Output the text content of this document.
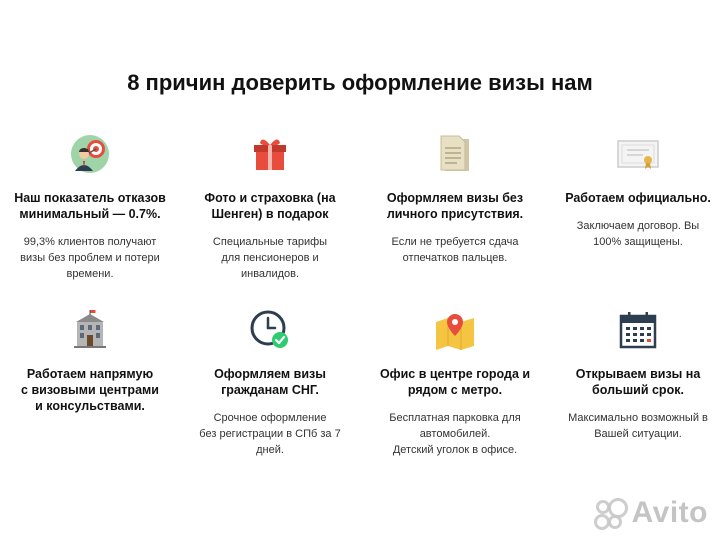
8 причин доверить оформление визы нам
Наш показатель отказов
минимальный — 0.7%.

99,3% клиентов получают
визы без проблем и потери
времени.

Фото и страховка (на
Шенген) в подарок

Специальные тарифы
для пенсионеров и
инвалидов.

Оформляем визы без
личного присутствия.

Если не требуется сдача
отпечатков пальцев.

Работаем официально.

Заключаем договор. Вы
100% защищены.

Работаем напрямую
с визовыми центрами
и консульствами.
Оформляем визы
гражданам СНГ.

Срочное оформление
без регистрации в СПб за 7
дней.

Офис в центре города и
рядом с метро.

Бесплатная парковка для
автомобилей.
Детский уголок в офисе.

Открываем визы на
больший срок.

Максимально возможный в
Вашей ситуации.

Avito
